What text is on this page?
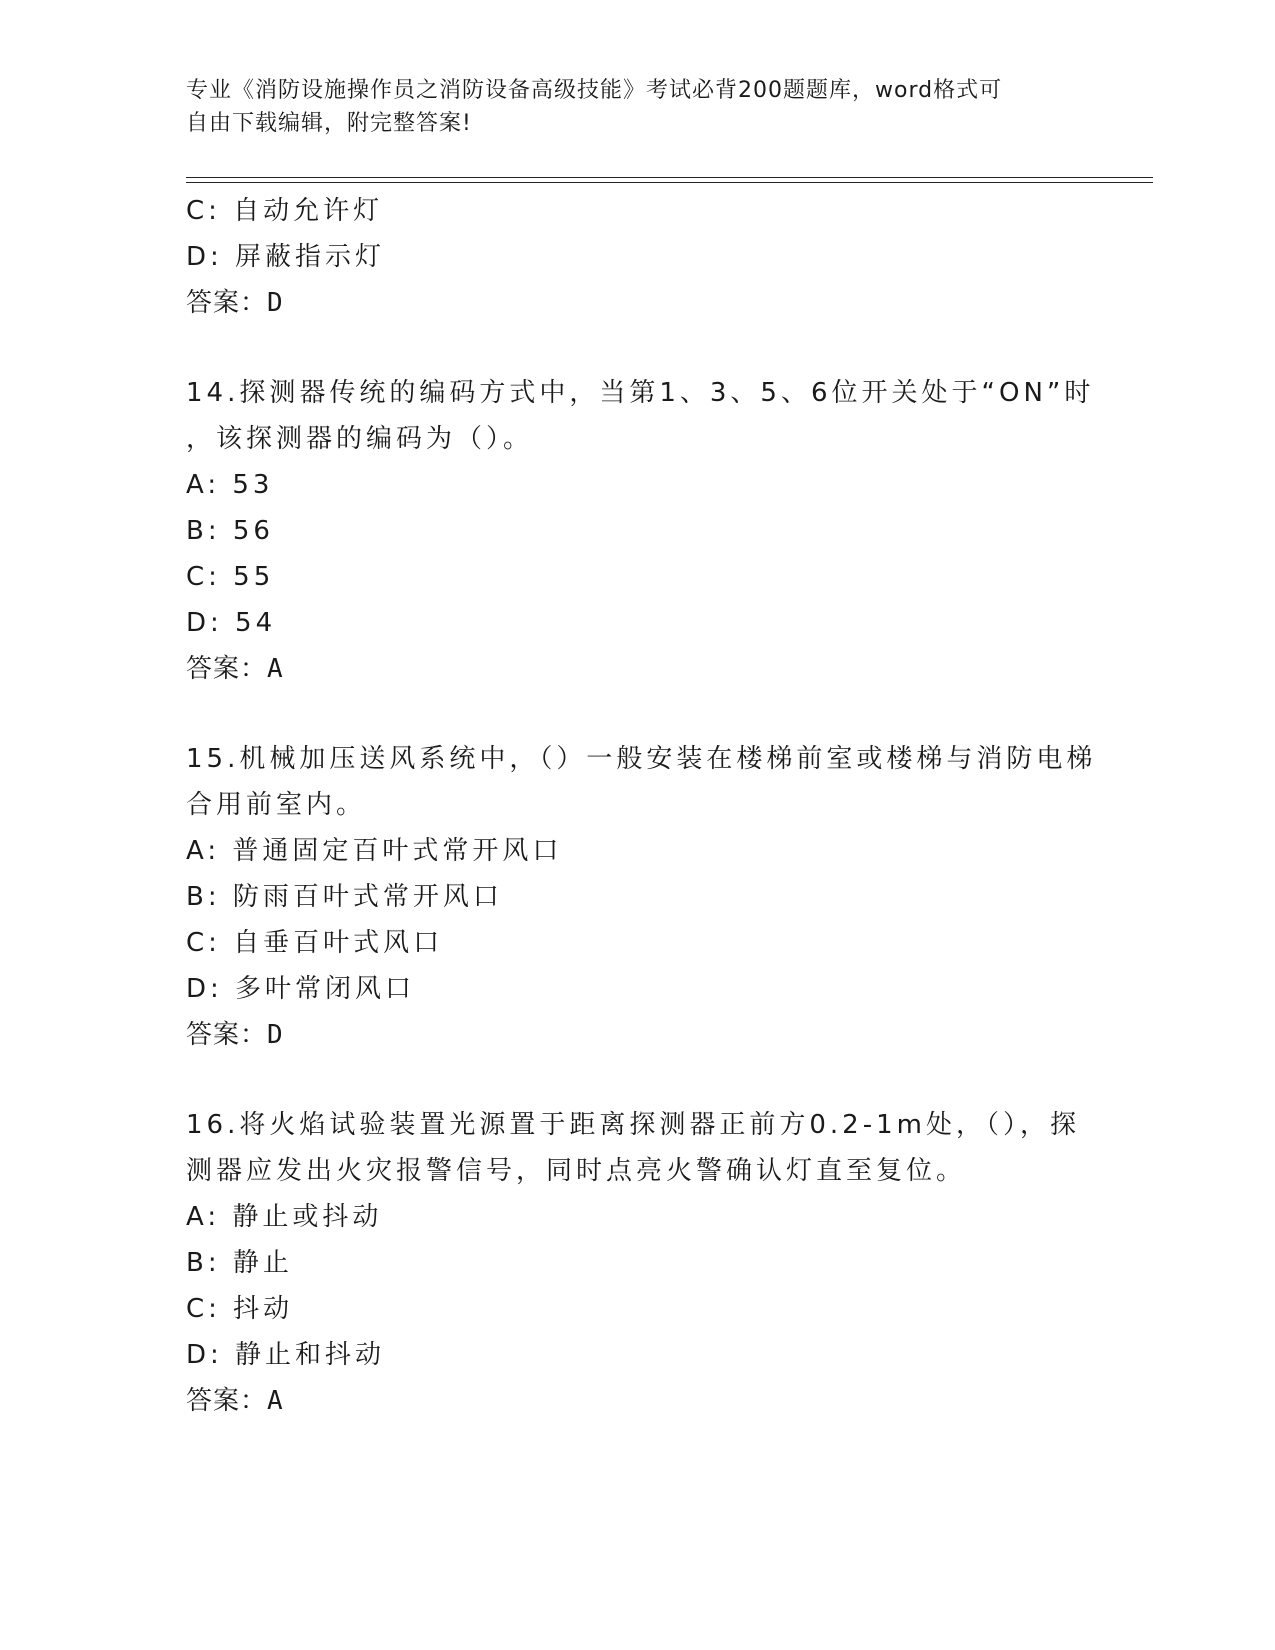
专业《消防设施操作员之消防设备高级技能》考试必背200题题库，word格式可
自由下载编辑，附完整答案!
C: 自动允许灯
D: 屏蔽指示灯
答案：D
14.探测器传统的编码方式中，当第1、3、5、6位开关处于“ON”时
，该探测器的编码为（）。
A: 53
B: 56
C: 55
D: 54
答案：A
15.机械加压送风系统中，（）一般安装在楼梯前室或楼梯与消防电梯
合用前室内。
A: 普通固定百叶式常开风口
B: 防雨百叶式常开风口
C: 自垂百叶式风口
D: 多叶常闭风口
答案：D
16.将火焰试验装置光源置于距离探测器正前方0.2-1m处，（），探
测器应发出火灾报警信号，同时点亮火警确认灯直至复位。
A: 静止或抖动
B: 静止
C: 抖动
D: 静止和抖动
答案：A
